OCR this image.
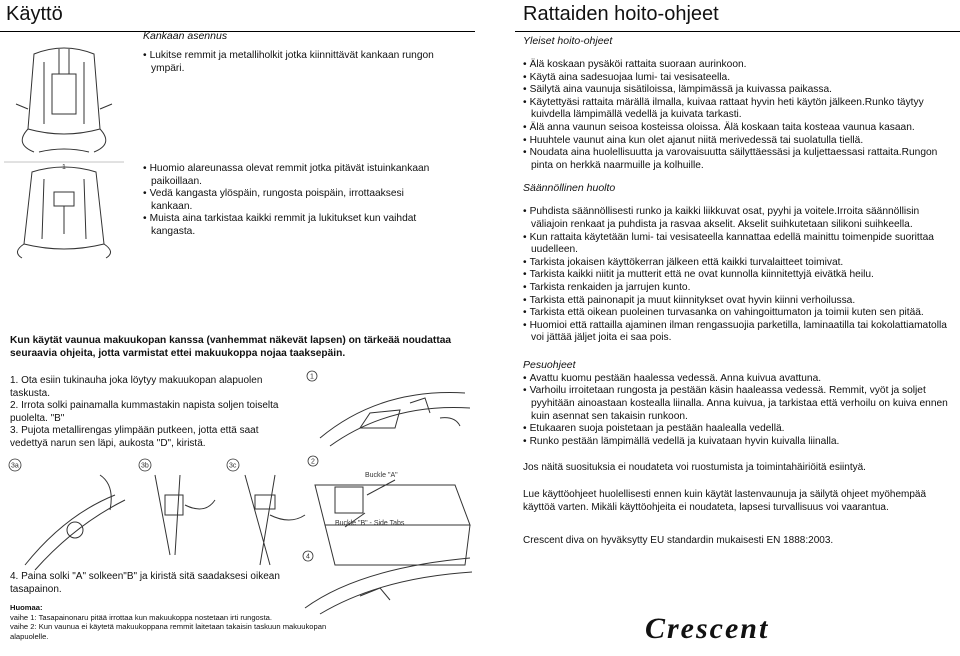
Käyttö
1
Kankaan asennus
• Lukitse remmit ja metalliholkit jotka kiinnittävät kankaan rungon ympäri.
• Huomio alareunassa olevat remmit jotka pitävät istuinkankaan paikoillaan.
• Vedä kangasta ylöspäin, rungosta poispäin, irrottaaksesi kankaan.
• Muista aina tarkistaa kaikki remmit ja lukitukset kun vaihdat kangasta.
Kun käytät vaunua makuukopan kanssa (vanhemmat näkevät lapsen) on tärkeää noudattaa seuraavia ohjeita, jotta varmistat ettei makuukoppa nojaa taaksepäin.
1. Ota esiin tukinauha joka löytyy makuukopan alapuolen taskusta.
2. Irrota solki painamalla kummastakin napista soljen toiselta puolelta. "B"
3. Pujota metallirengas ylimpään putkeen, jotta että saat vedettyä narun sen läpi, aukosta "D", kiristä.
1
3a	3b	3c
2
Buckle "A"
Buckle "B" - Side Tabs
4
4. Paina solki "A" solkeen"B" ja kiristä sitä saadaksesi oikean tasapainon.
Huomaa:
vaihe 1: Tasapainonaru pitää irrottaa kun makuukoppa nostetaan irti rungosta.
vaihe 2: Kun vaunua ei käytetä makuukoppana remmit laitetaan takaisin taskuun makuukopan alapuolelle.
Rattaiden hoito-ohjeet
Yleiset hoito-ohjeet
• Älä koskaan pysäköi rattaita suoraan aurinkoon.
• Käytä aina sadesuojaa lumi- tai vesisateella.
• Säilytä aina vaunuja sisätiloissa, lämpimässä ja kuivassa paikassa.
• Käytettyäsi rattaita märällä ilmalla, kuivaa rattaat hyvin heti käytön jälkeen.Runko täytyy kuivdella lämpimällä vedellä ja kuivata tarkasti.
• Älä anna vaunun seisoa kosteissa oloissa. Älä koskaan taita kosteaa vaunua kasaan.
• Huuhtele vaunut aina kun olet ajanut niitä merivedessä tai suolatulla tiellä.
• Noudata aina huolellisuutta ja varovaisuutta säilyttäessäsi ja kuljettaessasi rattaita.Rungon pinta on herkkä naarmuille ja kolhuille.
Säännöllinen huolto
• Puhdista säännöllisesti runko ja kaikki liikkuvat osat, pyyhi ja voitele.Irroita säännöllisin väliajoin renkaat ja puhdista ja rasvaa akselit. Akselit suihkutetaan silikoni suihkeella.
• Kun rattaita käytetään lumi- tai vesisateella kannattaa edellä mainittu toimenpide suorittaa uudelleen.
• Tarkista jokaisen käyttökerran jälkeen että kaikki turvalaitteet toimivat.
• Tarkista kaikki niitit ja mutterit että ne ovat kunnolla kiinnitettyjä eivätkä heilu.
• Tarkista renkaiden ja jarrujen kunto.
• Tarkista että painonapit ja muut kiinnitykset ovat hyvin kiinni verhoilussa.
• Tarkista että oikean puoleinen turvasanka on vahingoittumaton ja toimii kuten sen pitää.
• Huomioi että rattailla ajaminen ilman rengassuojia parketilla, laminaatilla tai kokolattiamatolla voi jättää jäljet joita ei saa pois.
Pesuohjeet
• Avattu kuomu pestään haalessa vedessä. Anna kuivua avattuna.
• Varhoilu irroitetaan rungosta ja pestään käsin haaleassa vedessä. Remmit, vyöt ja soljet pyyhitään ainoastaan kostealla liinalla. Anna kuivua, ja tarkistaa että verhoilu on kuiva ennen kuin asennat sen takaisin runkoon.
• Etukaaren suoja poistetaan ja pestään haalealla vedellä.
• Runko pestään lämpimällä vedellä ja kuivataan hyvin kuivalla liinalla.
Jos näitä suosituksia ei noudateta voi ruostumista ja toimintahäiriöitä esiintyä.
Lue käyttöohjeet huolellisesti ennen kuin käytät lastenvaunuja ja säilytä ohjeet myöhempää käyttöä varten. Mikäli käyttöohjeita ei noudateta, lapsesi turvallisuus voi vaarantua.
Crescent diva on hyväksytty EU standardin mukaisesti EN 1888:2003.
Crescent
